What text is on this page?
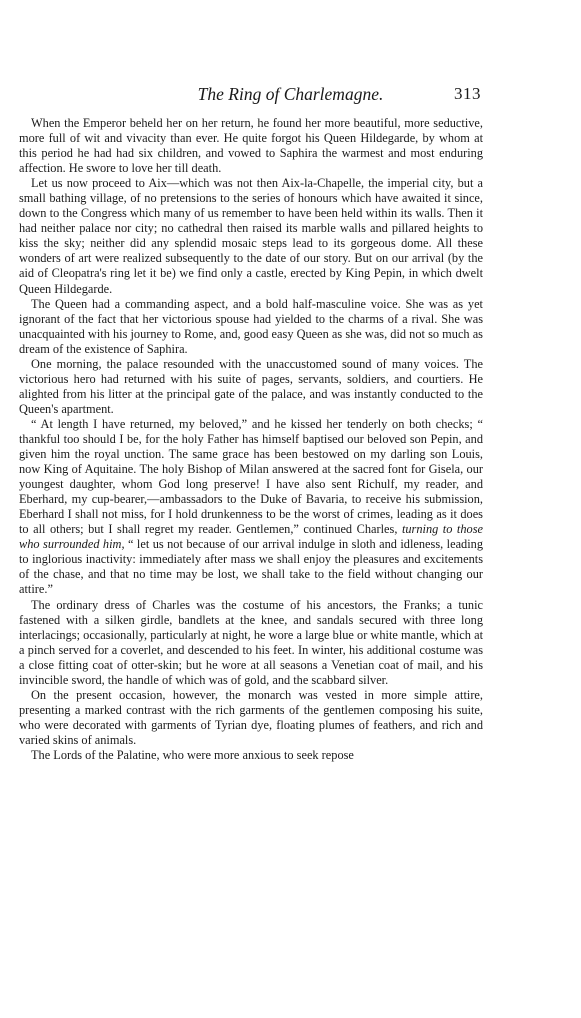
The Ring of Charlemagne.	313

When the Emperor beheld her on her return, he found her more beautiful, more seductive, more full of wit and vivacity than ever. He quite forgot his Queen Hildegarde, by whom at this period he had had six children, and vowed to Saphira the warmest and most enduring affection. He swore to love her till death.

Let us now proceed to Aix—which was not then Aix-la-Chapelle, the imperial city, but a small bathing village, of no pretensions to the series of honours which have awaited it since, down to the Congress which many of us remember to have been held within its walls. Then it had neither palace nor city; no cathedral then raised its marble walls and pillared heights to kiss the sky; neither did any splendid mosaic steps lead to its gorgeous dome. All these wonders of art were realized subsequently to the date of our story. But on our arrival (by the aid of Cleopatra's ring let it be) we find only a castle, erected by King Pepin, in which dwelt Queen Hildegarde.

The Queen had a commanding aspect, and a bold half-masculine voice. She was as yet ignorant of the fact that her victorious spouse had yielded to the charms of a rival. She was unacquainted with his journey to Rome, and, good easy Queen as she was, did not so much as dream of the existence of Saphira.

One morning, the palace resounded with the unaccustomed sound of many voices. The victorious hero had returned with his suite of pages, servants, soldiers, and courtiers. He alighted from his litter at the principal gate of the palace, and was instantly conducted to the Queen's apartment.

“ At length I have returned, my beloved,” and he kissed her tenderly on both checks; “ thankful too should I be, for the holy Father has himself baptised our beloved son Pepin, and given him the royal unction. The same grace has been bestowed on my darling son Louis, now King of Aquitaine. The holy Bishop of Milan answered at the sacred font for Gisela, our youngest daughter, whom God long preserve! I have also sent Richulf, my reader, and Eberhard, my cup-bearer,—ambassadors to the Duke of Bavaria, to receive his submission, Eberhard I shall not miss, for I hold drunkenness to be the worst of crimes, leading as it does to all others; but I shall regret my reader. Gentlemen,” continued Charles, turning to those who surrounded him, “ let us not because of our arrival indulge in sloth and idleness, leading to inglorious inactivity: immediately after mass we shall enjoy the pleasures and excitements of the chase, and that no time may be lost, we shall take to the field without changing our attire.”

The ordinary dress of Charles was the costume of his ancestors, the Franks; a tunic fastened with a silken girdle, bandlets at the knee, and sandals secured with three long interlacings; occasionally, particularly at night, he wore a large blue or white mantle, which at a pinch served for a coverlet, and descended to his feet. In winter, his additional costume was a close fitting coat of otter-skin; but he wore at all seasons a Venetian coat of mail, and his invincible sword, the handle of which was of gold, and the scabbard silver.

On the present occasion, however, the monarch was vested in more simple attire, presenting a marked contrast with the rich garments of the gentlemen composing his suite, who were decorated with garments of Tyrian dye, floating plumes of feathers, and rich and varied skins of animals.

The Lords of the Palatine, who were more anxious to seek repose
